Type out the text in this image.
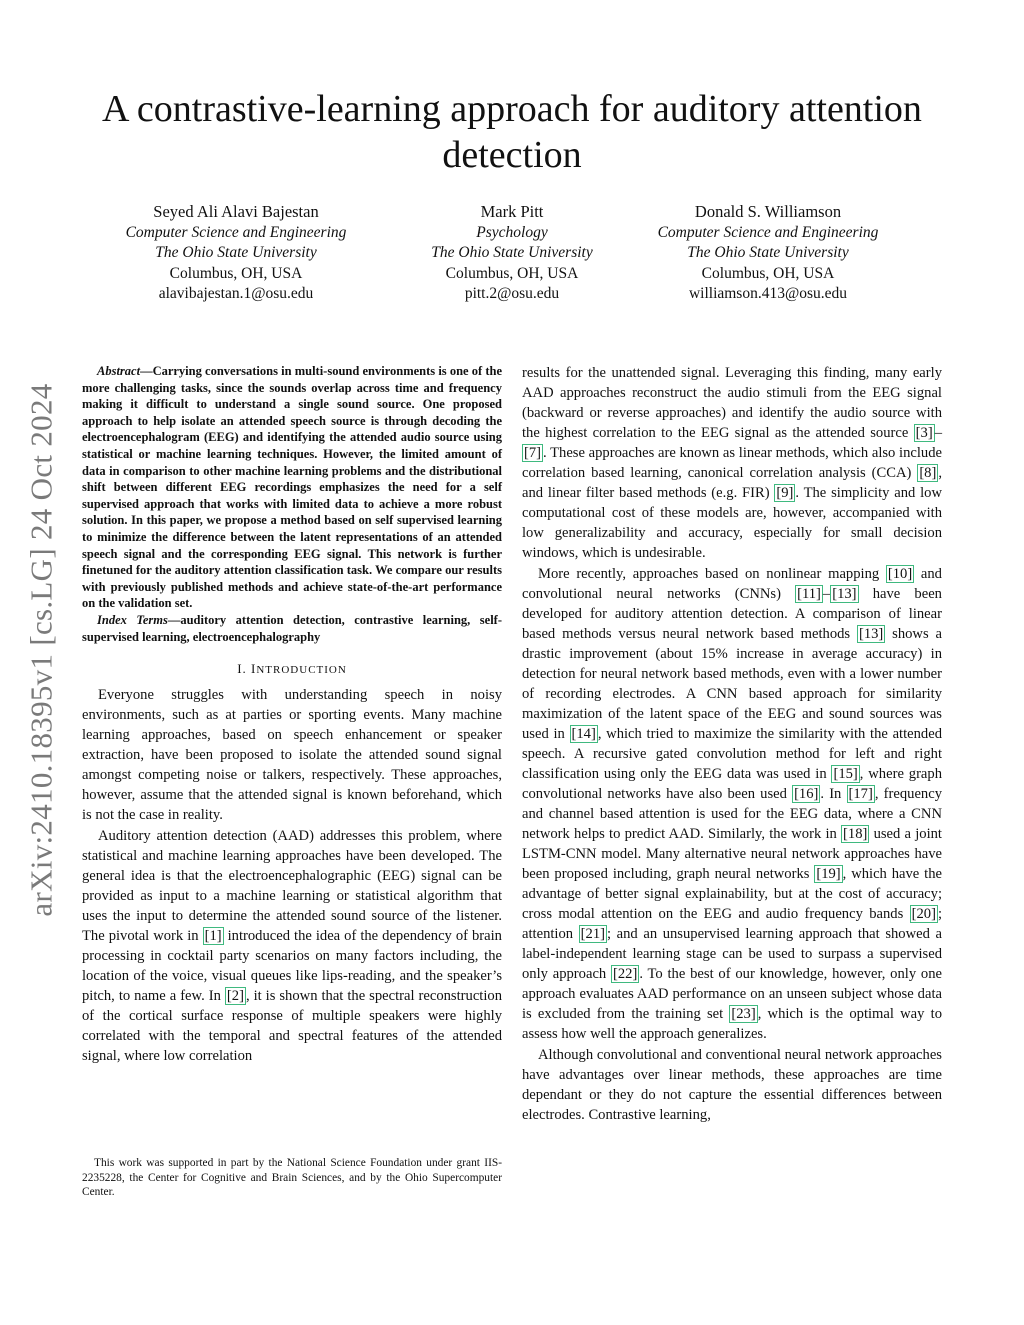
arXiv:2410.18395v1 [cs.LG] 24 Oct 2024
A contrastive-learning approach for auditory attention detection
Seyed Ali Alavi Bajestan
Computer Science and Engineering
The Ohio State University
Columbus, OH, USA
alavibajestan.1@osu.edu
Mark Pitt
Psychology
The Ohio State University
Columbus, OH, USA
pitt.2@osu.edu
Donald S. Williamson
Computer Science and Engineering
The Ohio State University
Columbus, OH, USA
williamson.413@osu.edu

Abstract—Carrying conversations in multi-sound environments is one of the more challenging tasks, since the sounds overlap across time and frequency making it difficult to understand a single sound source. One proposed approach to help isolate an attended speech source is through decoding the electroencephalogram (EEG) and identifying the attended audio source using statistical or machine learning techniques. However, the limited amount of data in comparison to other machine learning problems and the distributional shift between different EEG recordings emphasizes the need for a self supervised approach that works with limited data to achieve a more robust solution. In this paper, we propose a method based on self supervised learning to minimize the difference between the latent representations of an attended speech signal and the corresponding EEG signal. This network is further finetuned for the auditory attention classification task. We compare our results with previously published methods and achieve state-of-the-art performance on the validation set.

Index Terms—auditory attention detection, contrastive learning, self-supervised learning, electroencephalography

I. INTRODUCTION

Everyone struggles with understanding speech in noisy environments, such as at parties or sporting events. Many machine learning approaches, based on speech enhancement or speaker extraction, have been proposed to isolate the attended sound signal amongst competing noise or talkers, respectively. These approaches, however, assume that the attended signal is known beforehand, which is not the case in reality.

Auditory attention detection (AAD) addresses this problem, where statistical and machine learning approaches have been developed. The general idea is that the electroencephalographic (EEG) signal can be provided as input to a machine learning or statistical algorithm that uses the input to determine the attended sound source of the listener. The pivotal work in [1] introduced the idea of the dependency of brain processing in cocktail party scenarios on many factors including, the location of the voice, visual queues like lips-reading, and the speaker’s pitch, to name a few. In [2] , it is shown that the spectral reconstruction of the cortical surface response of multiple speakers were highly correlated with the temporal and spectral features of the attended signal, where low correlation

This work was supported in part by the National Science Foundation under grant IIS-2235228, the Center for Cognitive and Brain Sciences, and by the Ohio Supercomputer Center.

results for the unattended signal. Leveraging this finding, many early AAD approaches reconstruct the audio stimuli from the EEG signal (backward or reverse approaches) and identify the audio source with the highest correlation to the EEG signal as the attended source [3] –[7] . These approaches are known as linear methods, which also include correlation based learning, canonical correlation analysis (CCA) [8] , and linear filter based methods (e.g. FIR) [9] . The simplicity and low computational cost of these models are, however, accompanied with low generalizability and accuracy, especially for small decision windows, which is undesirable.

More recently, approaches based on nonlinear mapping [10] and convolutional neural networks (CNNs) [11] – [13] have been developed for auditory attention detection. A comparison of linear based methods versus neural network based methods [13] shows a drastic improvement (about 15% increase in average accuracy) in detection for neural network based methods, even with a lower number of recording electrodes. A CNN based approach for similarity maximization of the latent space of the EEG and sound sources was used in [14] , which tried to maximize the similarity with the attended speech. A recursive gated convolution method for left and right classification using only the EEG data was used in [15] , where graph convolutional networks have also been used [16] . In [17] , frequency and channel based attention is used for the EEG data, where a CNN network helps to predict AAD. Similarly, the work in [18] used a joint LSTM-CNN model. Many alternative neural network approaches have been proposed including, graph neural networks [19] , which have the advantage of better signal explainability, but at the cost of accuracy; cross modal attention on the EEG and audio frequency bands [20] ; attention [21] ; and an unsupervised learning approach that showed a label-independent learning stage can be used to surpass a supervised only approach [22] . To the best of our knowledge, however, only one approach evaluates AAD performance on an unseen subject whose data is excluded from the training set [23] , which is the optimal way to assess how well the approach generalizes.

Although convolutional and conventional neural network approaches have advantages over linear methods, these approaches are time dependant or they do not capture the essential differences between electrodes. Contrastive learning,
